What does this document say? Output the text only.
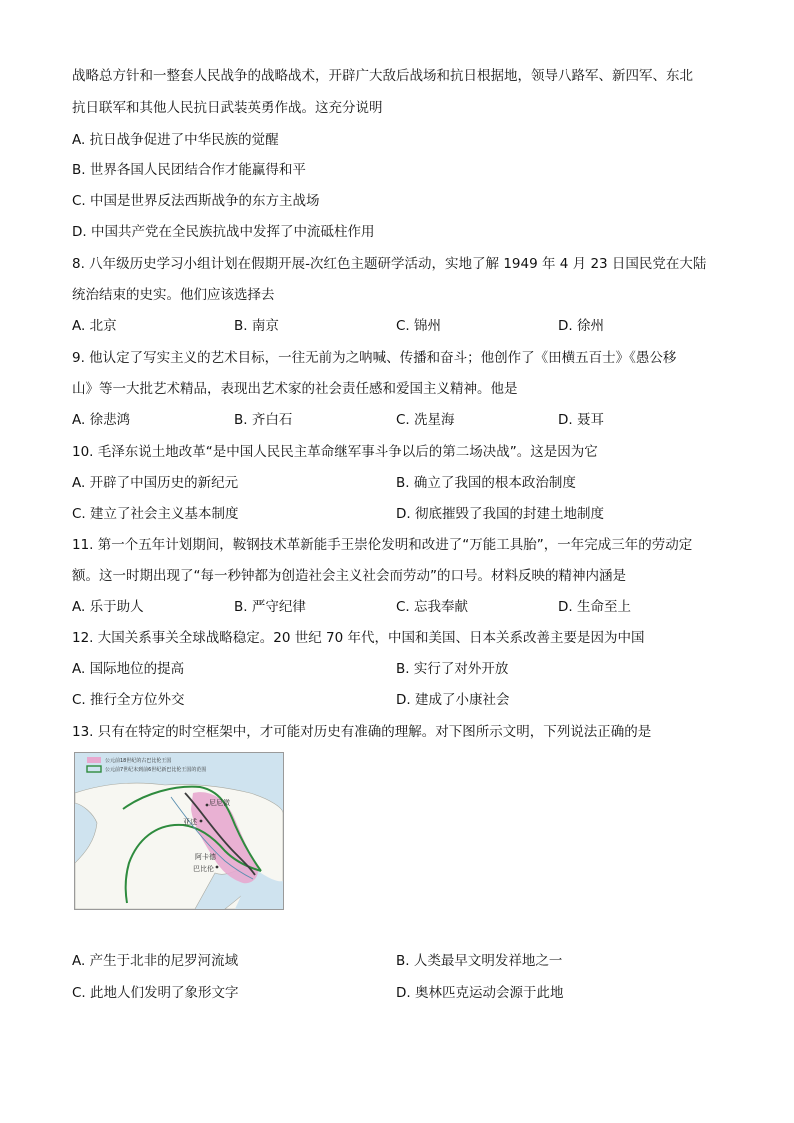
战略总方针和一整套人民战争的战略战术，开辟广大敌后战场和抗日根据地，领导八路军、新四军、东北
抗日联军和其他人民抗日武装英勇作战。这充分说明
A. 抗日战争促进了中华民族的觉醒
B. 世界各国人民团结合作才能赢得和平
C. 中国是世界反法西斯战争的东方主战场
D. 中国共产党在全民族抗战中发挥了中流砥柱作用
8. 八年级历史学习小组计划在假期开展-次红色主题研学活动，实地了解 1949 年 4 月 23 日国民党在大陆
统治结束的史实。他们应该选择去
A. 北京	B. 南京	C. 锦州	D. 徐州
9. 他认定了写实主义的艺术目标，一往无前为之呐喊、传播和奋斗；他创作了《田横五百士》《愚公移
山》等一大批艺术精品，表现出艺术家的社会责任感和爱国主义精神。他是
A. 徐悲鸿	B. 齐白石	C. 冼星海	D. 聂耳
10. 毛泽东说土地改革“是中国人民民主革命继军事斗争以后的第二场决战”。这是因为它
A. 开辟了中国历史的新纪元	B. 确立了我国的根本政治制度
C. 建立了社会主义基本制度	D. 彻底摧毁了我国的封建土地制度
11. 第一个五年计划期间，鞍钢技术革新能手王崇伦发明和改进了“万能工具胎”，一年完成三年的劳动定
额。这一时期出现了“每一秒钟都为创造社会主义社会而劳动”的口号。材料反映的精神内涵是
A. 乐于助人	B. 严守纪律	C. 忘我奉献	D. 生命至上
12. 大国关系事关全球战略稳定。20 世纪 70 年代，中国和美国、日本关系改善主要是因为中国
A. 国际地位的提高	B. 实行了对外开放
C. 推行全方位外交	D. 建成了小康社会
13. 只有在特定的时空框架中，才可能对历史有准确的理解。对下图所示文明，下列说法正确的是
公元前18世纪的古巴比伦王国
公元前7世纪末到前6世纪新巴比伦王国的范围
尼尼微
亚述
阿卡德
巴比伦
A. 产生于北非的尼罗河流域	B. 人类最早文明发祥地之一
C. 此地人们发明了象形文字	D. 奥林匹克运动会源于此地
